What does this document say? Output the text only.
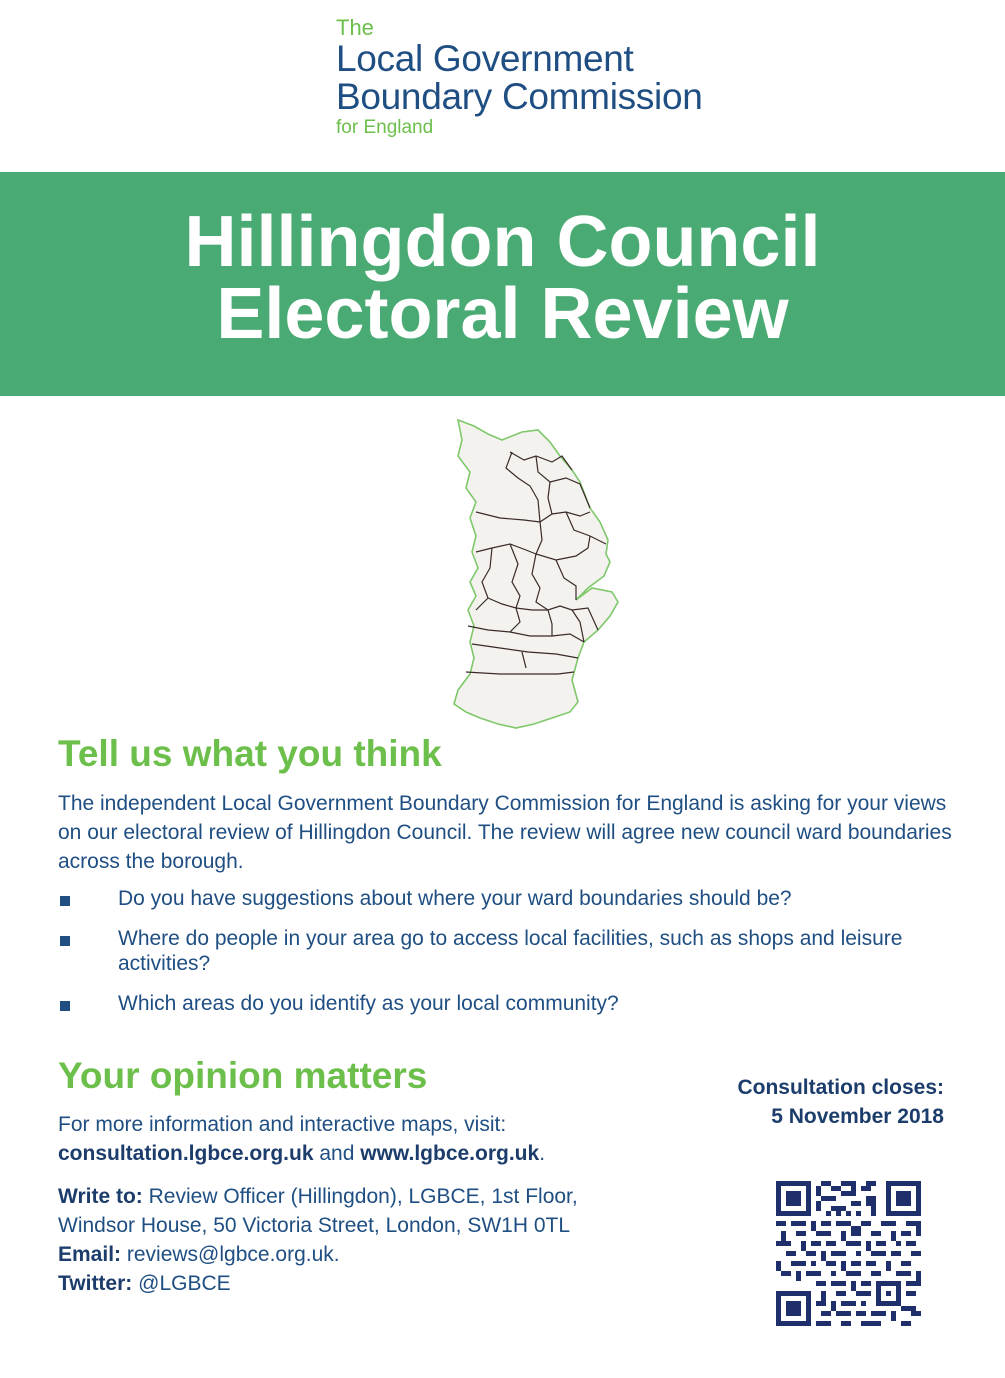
The
Local Government
Boundary Commission
for England
Hillingdon Council
Electoral Review
Tell us what you think

The independent Local Government Boundary Commission for England is asking for your views on our electoral review of Hillingdon Council. The review will agree new council ward boundaries across the borough.

Do you have suggestions about where your ward boundaries should be?
Where do people in your area go to access local facilities, such as shops and leisure activities?
Which areas do you identify as your local community?
Your opinion matters
For more information and interactive maps, visit:
consultation.lgbce.org.uk and www.lgbce.org.uk.
Write to: Review Officer (Hillingdon), LGBCE, 1st Floor,
Windsor House, 50 Victoria Street, London, SW1H 0TL
Email: reviews@lgbce.org.uk.
Twitter: @LGBCE
Consultation closes:
5 November 2018
